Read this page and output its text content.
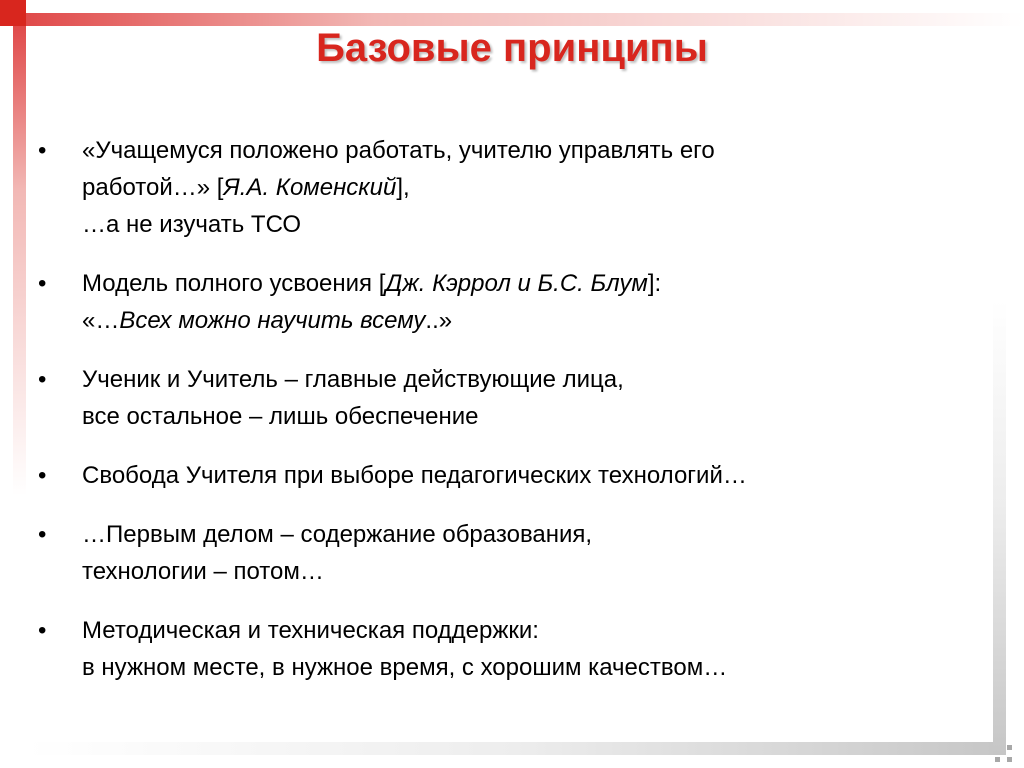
Базовые принципы
• «Учащемуся положено работать, учителю управлять его
работой…» [Я.А. Коменский],
…а не изучать ТСО
• Модель полного усвоения [Дж. Кэррол и Б.С. Блум]:
«…Всех можно научить всему..»
• Ученик и Учитель – главные действующие лица,
все остальное – лишь обеспечение
• Свобода Учителя при выборе педагогических технологий…
• …Первым делом – содержание образования,
технологии – потом…
• Методическая и техническая поддержки:
в нужном месте, в нужное время, с хорошим качеством…
